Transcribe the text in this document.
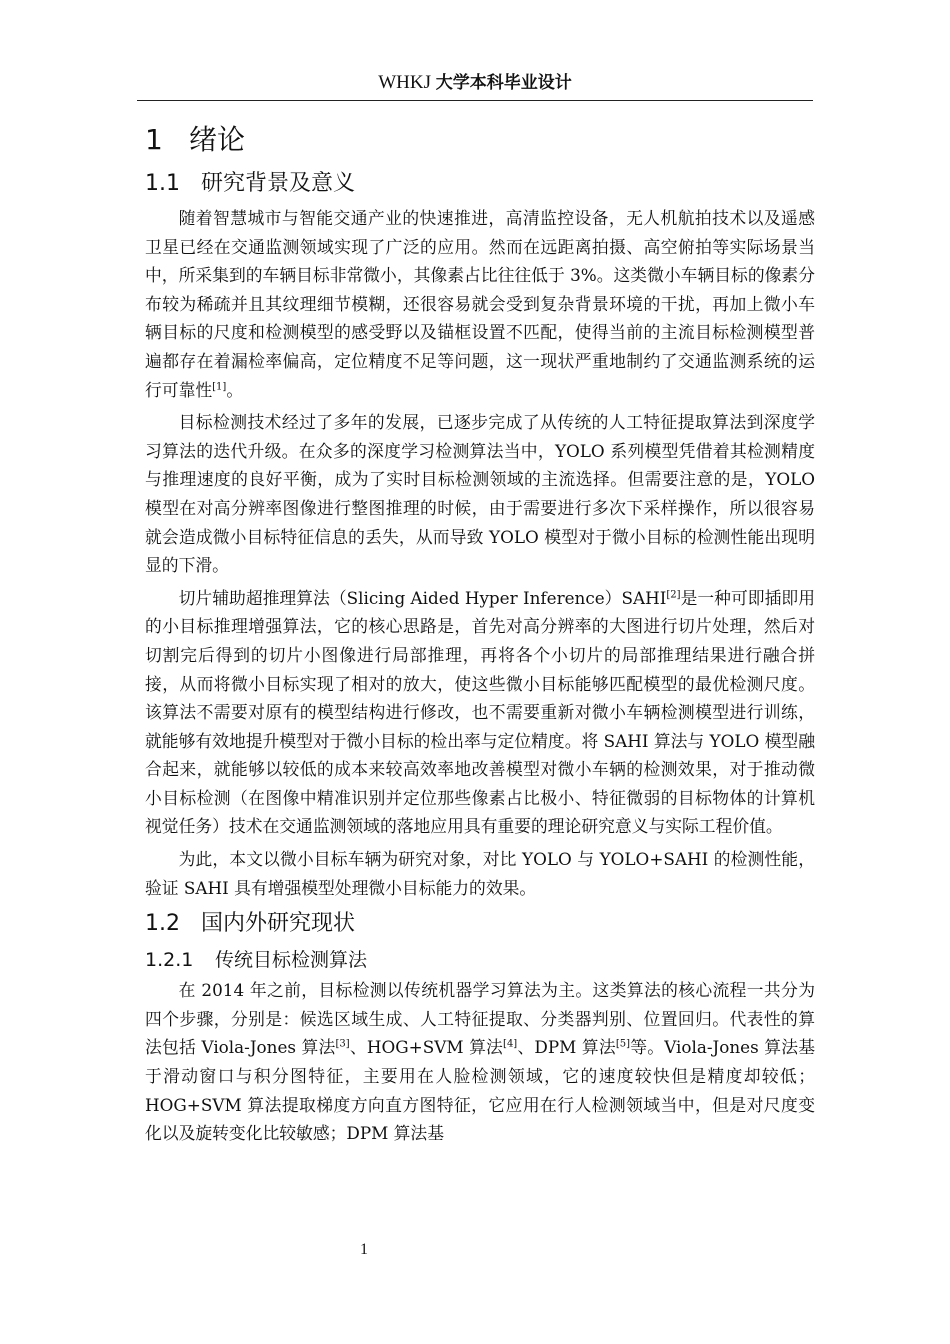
WHKJ 大学本科毕业设计
1 绪论
1.1 研究背景及意义

随着智慧城市与智能交通产业的快速推进，高清监控设备，无人机航拍技术以及遥感卫星已经在交通监测领域实现了广泛的应用。然而在远距离拍摄、高空俯拍等实际场景当中，所采集到的车辆目标非常微小，其像素占比往往低于 3%。这类微小车辆目标的像素分布较为稀疏并且其纹理细节模糊，还很容易就会受到复杂背景环境的干扰，再加上微小车辆目标的尺度和检测模型的感受野以及锚框设置不匹配，使得当前的主流目标检测模型普遍都存在着漏检率偏高，定位精度不足等问题，这一现状严重地制约了交通监测系统的运行可靠性[1]。

目标检测技术经过了多年的发展，已逐步完成了从传统的人工特征提取算法到深度学习算法的迭代升级。在众多的深度学习检测算法当中，YOLO 系列模型凭借着其检测精度与推理速度的良好平衡，成为了实时目标检测领域的主流选择。但需要注意的是，YOLO 模型在对高分辨率图像进行整图推理的时候，由于需要进行多次下采样操作，所以很容易就会造成微小目标特征信息的丢失，从而导致 YOLO 模型对于微小目标的检测性能出现明显的下滑。

切片辅助超推理算法（Slicing Aided Hyper Inference）SAHI[2]是一种可即插即用的小目标推理增强算法，它的核心思路是，首先对高分辨率的大图进行切片处理，然后对切割完后得到的切片小图像进行局部推理，再将各个小切片的局部推理结果进行融合拼接，从而将微小目标实现了相对的放大，使这些微小目标能够匹配模型的最优检测尺度。该算法不需要对原有的模型结构进行修改，也不需要重新对微小车辆检测模型进行训练，就能够有效地提升模型对于微小目标的检出率与定位精度。将 SAHI 算法与 YOLO 模型融合起来，就能够以较低的成本来较高效率地改善模型对微小车辆的检测效果，对于推动微小目标检测（在图像中精准识别并定位那些像素占比极小、特征微弱的目标物体的计算机视觉任务）技术在交通监测领域的落地应用具有重要的理论研究意义与实际工程价值。

为此，本文以微小目标车辆为研究对象，对比 YOLO 与 YOLO+SAHI 的检测性能，验证 SAHI 具有增强模型处理微小目标能力的效果。

1.2 国内外研究现状
1.2.1 传统目标检测算法

在 2014 年之前，目标检测以传统机器学习算法为主。这类算法的核心流程一共分为四个步骤，分别是：候选区域生成、人工特征提取、分类器判别、位置回归。代表性的算法包括 Viola-Jones 算法[3]、HOG+SVM 算法[4]、DPM 算法[5]等。Viola-Jones 算法基于滑动窗口与积分图特征，主要用在人脸检测领域，它的速度较快但是精度却较低；HOG+SVM 算法提取梯度方向直方图特征，它应用在行人检测领域当中，但是对尺度变化以及旋转变化比较敏感；DPM 算法基

1
